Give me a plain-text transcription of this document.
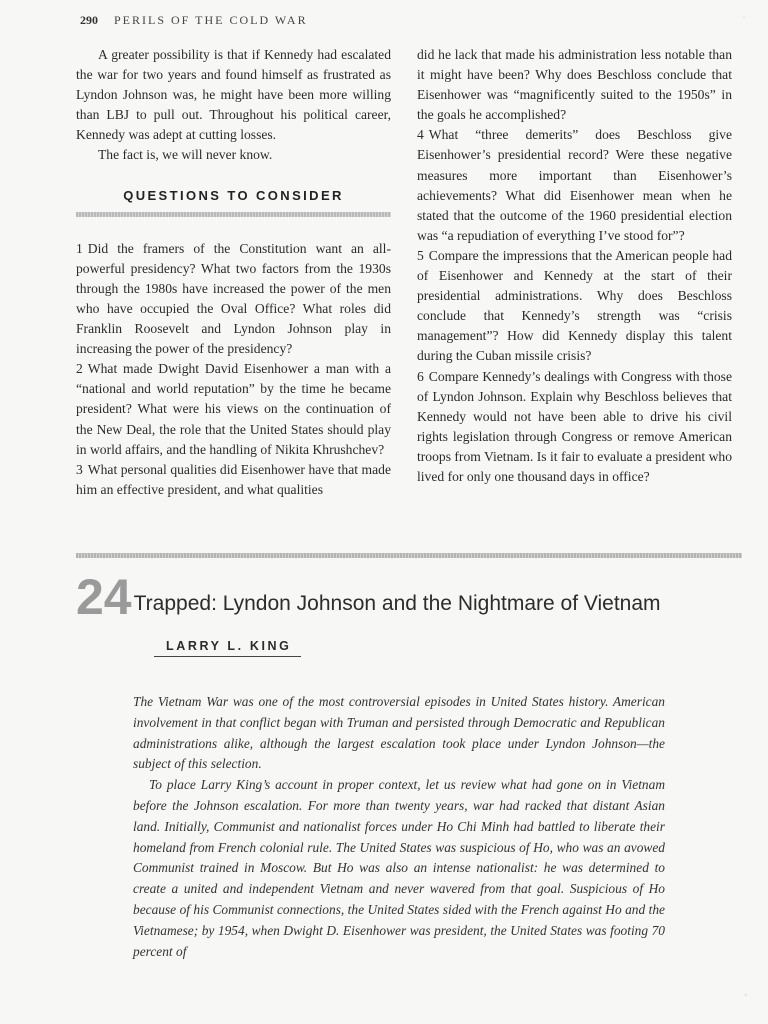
290 PERILS OF THE COLD WAR	ˈ

A greater possibility is that if Kennedy had escalated the war for two years and found himself as frustrated as Lyndon Johnson was, he might have been more willing than LBJ to pull out. Throughout his political career, Kennedy was adept at cutting losses.

The fact is, we will never know.

QUESTIONS TO CONSIDER

1 Did the framers of the Constitution want an all-powerful presidency? What two factors from the 1930s through the 1980s have increased the power of the men who have occupied the Oval Office? What roles did Franklin Roosevelt and Lyndon Johnson play in increasing the power of the presidency?

2 What made Dwight David Eisenhower a man with a “national and world reputation” by the time he became president? What were his views on the continuation of the New Deal, the role that the United States should play in world affairs, and the handling of Nikita Khrushchev?

3 What personal qualities did Eisenhower have that made him an effective president, and what qualities

did he lack that made his administration less notable than it might have been? Why does Beschloss conclude that Eisenhower was “magnificently suited to the 1950s” in the goals he accomplished?

4 What “three demerits” does Beschloss give Eisenhower’s presidential record? Were these negative measures more important than Eisenhower’s achievements? What did Eisenhower mean when he stated that the outcome of the 1960 presidential election was “a repudiation of everything I’ve stood for”?

5 Compare the impressions that the American people had of Eisenhower and Kennedy at the start of their presidential administrations. Why does Beschloss conclude that Kennedy’s strength was “crisis management”? How did Kennedy display this talent during the Cuban missile crisis?

6 Compare Kennedy’s dealings with Congress with those of Lyndon Johnson. Explain why Beschloss believes that Kennedy would not have been able to drive his civil rights legislation through Congress or remove American troops from Vietnam. Is it fair to evaluate a president who lived for only one thousand days in office?

24Trapped: Lyndon Johnson and the Nightmare of Vietnam
LARRY L. KING

The Vietnam War was one of the most controversial episodes in United States history. American involvement in that conflict began with Truman and persisted through Democratic and Republican administrations alike, although the largest escalation took place under Lyndon Johnson—the subject of this selection.

To place Larry King’s account in proper context, let us review what had gone on in Vietnam before the Johnson escalation. For more than twenty years, war had racked that distant Asian land. Initially, Communist and nationalist forces under Ho Chi Minh had battled to liberate their homeland from French colonial rule. The United States was suspicious of Ho, who was an avowed Communist trained in Moscow. But Ho was also an intense nationalist: he was determined to create a united and independent Vietnam and never wavered from that goal. Suspicious of Ho because of his Communist connections, the United States sided with the French against Ho and the Vietnamese; by 1954, when Dwight D. Eisenhower was president, the United States was footing 70 percent of

◦
